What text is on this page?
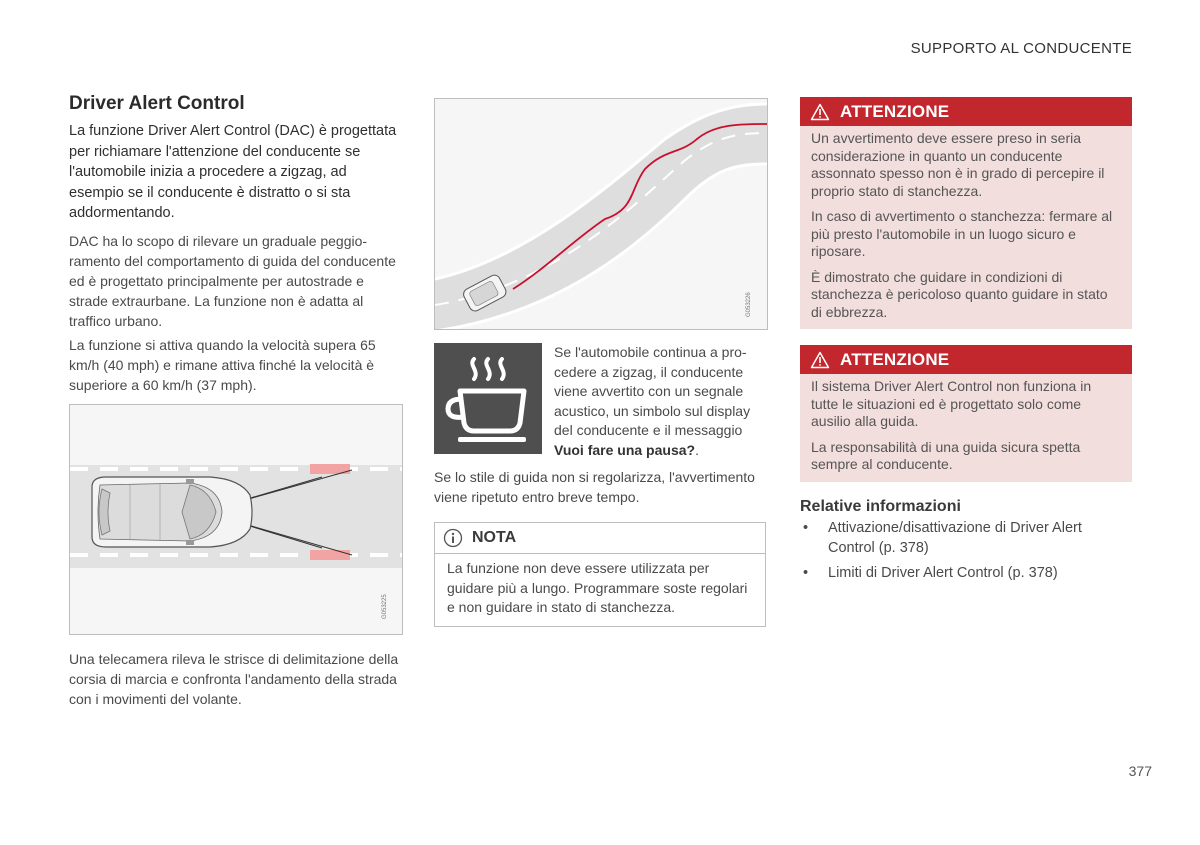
SUPPORTO AL CONDUCENTE
Driver Alert Control

La funzione Driver Alert Control (DAC) è progettata per richiamare l'attenzione del conducente se l'automobile inizia a procedere a zigzag, ad esempio se il conducente è distratto o si sta addormentando.

DAC ha lo scopo di rilevare un graduale peggioramento del comportamento di guida del conducente ed è progettato principalmente per autostrade e strade extraurbane. La funzione non è adatta al traffico urbano.

La funzione si attiva quando la velocità supera 65 km/h (40 mph) e rimane attiva finché la velocità è superiore a 60 km/h (37 mph).

G053225

Una telecamera rileva le strisce di delimitazione della corsia di marcia e confronta l'andamento della strada con i movimenti del volante.

G053226

Se l'automobile continua a procedere a zigzag, il conducente viene avvertito con un segnale acustico, un simbolo sul display del conducente e il messaggio Vuoi fare una pausa?.

Se lo stile di guida non si regolarizza, l'avvertimento viene ripetuto entro breve tempo.

NOTA
La funzione non deve essere utilizzata per guidare più a lungo. Programmare soste regolari e non guidare in stato di stanchezza.
ATTENZIONE

Un avvertimento deve essere preso in seria considerazione in quanto un conducente assonnato spesso non è in grado di percepire il proprio stato di stanchezza.

In caso di avvertimento o stanchezza: fermare al più presto l'automobile in un luogo sicuro e riposare.

È dimostrato che guidare in condizioni di stanchezza è pericoloso quanto guidare in stato di ebbrezza.

ATTENZIONE

Il sistema Driver Alert Control non funziona in tutte le situazioni ed è progettato solo come ausilio alla guida.

La responsabilità di una guida sicura spetta sempre al conducente.

Relative informazioni
• Attivazione/disattivazione di Driver Alert Control (p. 378)
• Limiti di Driver Alert Control (p. 378)
377
